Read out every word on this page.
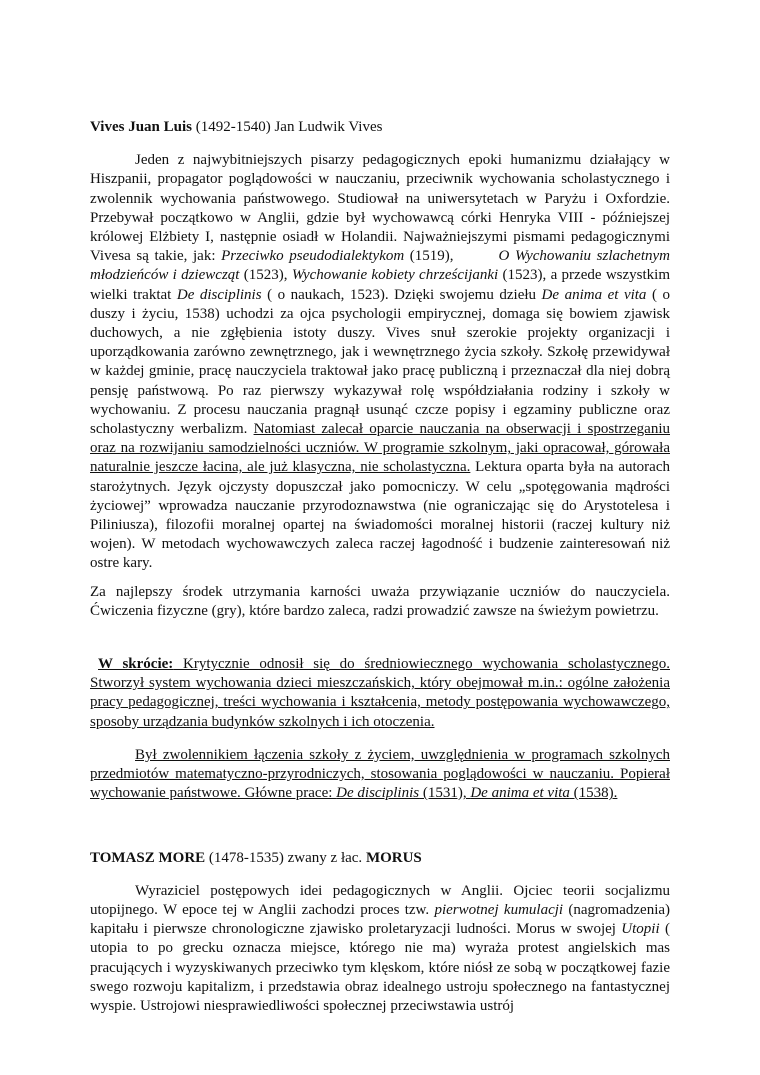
Vives Juan Luis (1492-1540) Jan Ludwik Vives

Jeden z najwybitniejszych pisarzy pedagogicznych epoki humanizmu działający w Hiszpanii, propagator poglądowości w nauczaniu, przeciwnik wychowania scholastycznego i zwolennik wychowania państwowego. Studiował na uniwersytetach w Paryżu i Oxfordzie. Przebywał początkowo w Anglii, gdzie był wychowawcą córki Henryka VIII - późniejszej królowej Elżbiety I, następnie osiadł w Holandii. Najważniejszymi pismami pedagogicznymi Vivesa są takie, jak: Przeciwko pseudodialektykom (1519),        O Wychowaniu szlachetnym młodzieńców i dziewcząt (1523), Wychowanie kobiety chrześcijanki (1523), a przede wszystkim wielki traktat De disciplinis ( o naukach, 1523). Dzięki swojemu dziełu De anima et vita ( o duszy i życiu, 1538) uchodzi za ojca psychologii empirycznej, domaga się bowiem zjawisk duchowych, a nie zgłębienia istoty duszy. Vives snuł szerokie projekty organizacji i uporządkowania zarówno zewnętrznego, jak i wewnętrznego życia szkoły. Szkołę przewidywał w każdej gminie, pracę nauczyciela traktował jako pracę publiczną i przeznaczał dla niej dobrą pensję państwową. Po raz pierwszy wykazywał rolę współdziałania rodziny i szkoły w wychowaniu. Z procesu nauczania pragnął usunąć czcze popisy i egzaminy publiczne oraz scholastyczny werbalizm. Natomiast zalecał oparcie nauczania na obserwacji i spostrzeganiu oraz na rozwijaniu samodzielności uczniów. W programie szkolnym, jaki opracował, górowała naturalnie jeszcze łacina, ale już klasyczna, nie scholastyczna. Lektura oparta była na autorach starożytnych. Język ojczysty dopuszczał jako pomocniczy. W celu „spotęgowania mądrości życiowej” wprowadza nauczanie przyrodoznawstwa (nie ograniczając się do Arystotelesa i Piliniusza), filozofii moralnej opartej na świadomości moralnej historii (raczej kultury niż wojen). W metodach wychowawczych zaleca raczej łagodność i budzenie zainteresowań niż ostre kary.

Za najlepszy środek utrzymania karności uważa przywiązanie uczniów do nauczyciela. Ćwiczenia fizyczne (gry), które bardzo zaleca, radzi prowadzić zawsze na świeżym powietrzu.

W skrócie: Krytycznie odnosił się do średniowiecznego wychowania scholastycznego. Stworzył system wychowania dzieci mieszczańskich, który obejmował m.in.: ogólne założenia pracy pedagogicznej, treści wychowania i kształcenia, metody postępowania wychowawczego, sposoby urządzania budynków szkolnych i ich otoczenia.

Był zwolennikiem łączenia szkoły z życiem, uwzględnienia w programach szkolnych przedmiotów matematyczno-przyrodniczych, stosowania poglądowości w nauczaniu. Popierał wychowanie państwowe. Główne prace: De disciplinis (1531), De anima et vita (1538).

TOMASZ MORE (1478-1535) zwany z łac. MORUS

Wyraziciel postępowych idei pedagogicznych w Anglii. Ojciec teorii socjalizmu utopijnego. W epoce tej w Anglii zachodzi proces tzw. pierwotnej kumulacji (nagromadzenia) kapitału i pierwsze chronologiczne zjawisko proletaryzacji ludności. Morus w swojej Utopii ( utopia to po grecku oznacza miejsce, którego nie ma) wyraża protest angielskich mas pracujących i wyzyskiwanych przeciwko tym klęskom, które niósł ze sobą w początkowej fazie swego rozwoju kapitalizm, i przedstawia obraz idealnego ustroju społecznego na fantastycznej wyspie. Ustrojowi niesprawiedliwości społecznej przeciwstawia ustrój
